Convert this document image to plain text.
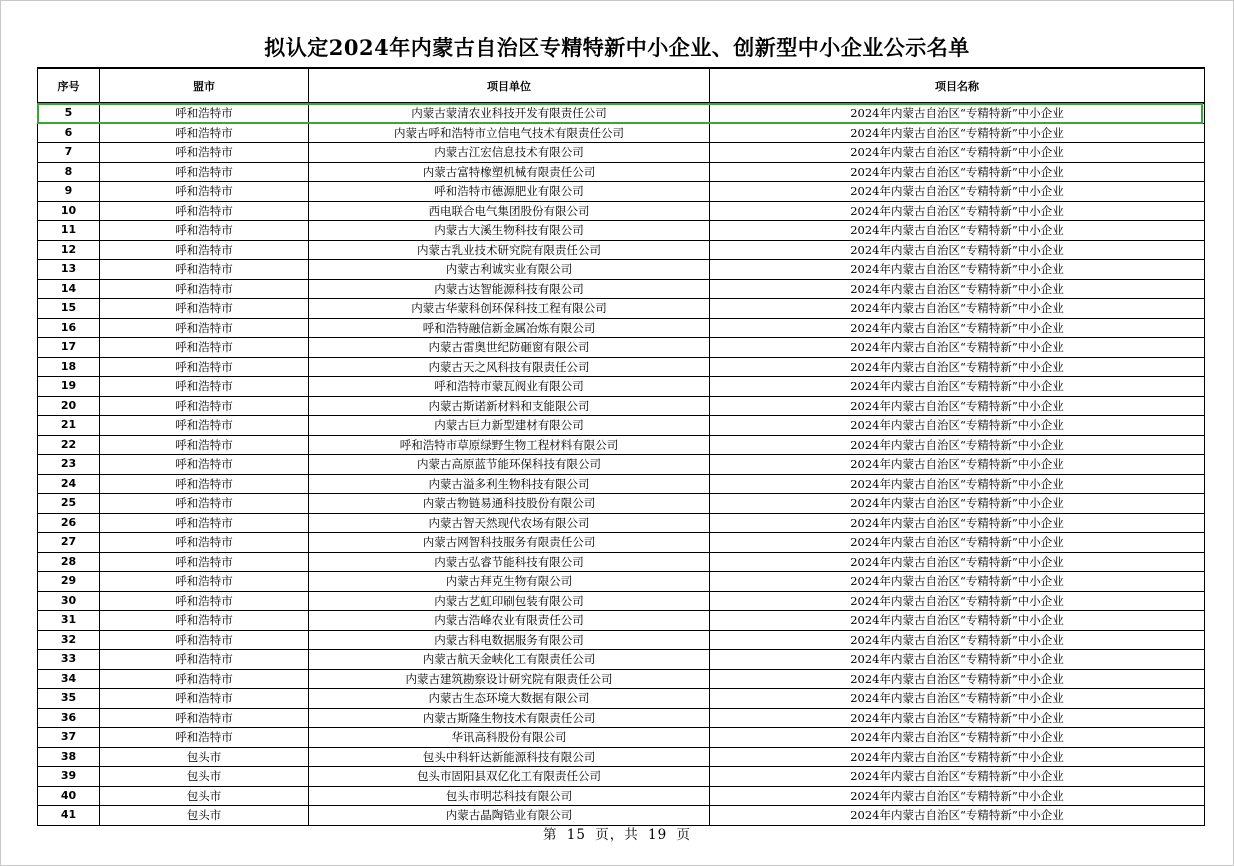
拟认定2024年内蒙古自治区专精特新中小企业、创新型中小企业公示名单
序号	盟市	项目单位	项目名称
5	呼和浩特市	内蒙古蒙清农业科技开发有限责任公司	2024年内蒙古自治区“专精特新”中小企业
6	呼和浩特市	内蒙古呼和浩特市立信电气技术有限责任公司	2024年内蒙古自治区“专精特新”中小企业
7	呼和浩特市	内蒙古江宏信息技术有限公司	2024年内蒙古自治区“专精特新”中小企业
8	呼和浩特市	内蒙古富特橡塑机械有限责任公司	2024年内蒙古自治区“专精特新”中小企业
9	呼和浩特市	呼和浩特市德源肥业有限公司	2024年内蒙古自治区“专精特新”中小企业
10	呼和浩特市	西电联合电气集团股份有限公司	2024年内蒙古自治区“专精特新”中小企业
11	呼和浩特市	内蒙古大溪生物科技有限公司	2024年内蒙古自治区“专精特新”中小企业
12	呼和浩特市	内蒙古乳业技术研究院有限责任公司	2024年内蒙古自治区“专精特新”中小企业
13	呼和浩特市	内蒙古利诚实业有限公司	2024年内蒙古自治区“专精特新”中小企业
14	呼和浩特市	内蒙古达智能源科技有限公司	2024年内蒙古自治区“专精特新”中小企业
15	呼和浩特市	内蒙古华蒙科创环保科技工程有限公司	2024年内蒙古自治区“专精特新”中小企业
16	呼和浩特市	呼和浩特融信新金属冶炼有限公司	2024年内蒙古自治区“专精特新”中小企业
17	呼和浩特市	内蒙古雷奥世纪防砸窗有限公司	2024年内蒙古自治区“专精特新”中小企业
18	呼和浩特市	内蒙古天之风科技有限责任公司	2024年内蒙古自治区“专精特新”中小企业
19	呼和浩特市	呼和浩特市蒙瓦阀业有限公司	2024年内蒙古自治区“专精特新”中小企业
20	呼和浩特市	内蒙古斯诺新材料和支能限公司	2024年内蒙古自治区“专精特新”中小企业
21	呼和浩特市	内蒙古巨力新型建材有限公司	2024年内蒙古自治区“专精特新”中小企业
22	呼和浩特市	呼和浩特市草原绿野生物工程材料有限公司	2024年内蒙古自治区“专精特新”中小企业
23	呼和浩特市	内蒙古高原蓝节能环保科技有限公司	2024年内蒙古自治区“专精特新”中小企业
24	呼和浩特市	内蒙古溢多利生物科技有限公司	2024年内蒙古自治区“专精特新”中小企业
25	呼和浩特市	内蒙古物链易通科技股份有限公司	2024年内蒙古自治区“专精特新”中小企业
26	呼和浩特市	内蒙古智天然现代农场有限公司	2024年内蒙古自治区“专精特新”中小企业
27	呼和浩特市	内蒙古网智科技服务有限责任公司	2024年内蒙古自治区“专精特新”中小企业
28	呼和浩特市	内蒙古弘睿节能科技有限公司	2024年内蒙古自治区“专精特新”中小企业
29	呼和浩特市	内蒙古拜克生物有限公司	2024年内蒙古自治区“专精特新”中小企业
30	呼和浩特市	内蒙古艺虹印刷包装有限公司	2024年内蒙古自治区“专精特新”中小企业
31	呼和浩特市	内蒙古浩峰农业有限责任公司	2024年内蒙古自治区“专精特新”中小企业
32	呼和浩特市	内蒙古科电数据服务有限公司	2024年内蒙古自治区“专精特新”中小企业
33	呼和浩特市	内蒙古航天金峡化工有限责任公司	2024年内蒙古自治区“专精特新”中小企业
34	呼和浩特市	内蒙古建筑勘察设计研究院有限责任公司	2024年内蒙古自治区“专精特新”中小企业
35	呼和浩特市	内蒙古生态环境大数据有限公司	2024年内蒙古自治区“专精特新”中小企业
36	呼和浩特市	内蒙古斯隆生物技术有限责任公司	2024年内蒙古自治区“专精特新”中小企业
37	呼和浩特市	华讯高科股份有限公司	2024年内蒙古自治区“专精特新”中小企业
38	包头市	包头中科轩达新能源科技有限公司	2024年内蒙古自治区“专精特新”中小企业
39	包头市	包头市固阳县双亿化工有限责任公司	2024年内蒙古自治区“专精特新”中小企业
40	包头市	包头市明芯科技有限公司	2024年内蒙古自治区“专精特新”中小企业
41	包头市	内蒙古晶陶锆业有限公司	2024年内蒙古自治区“专精特新”中小企业
第 15 页，共 19 页
